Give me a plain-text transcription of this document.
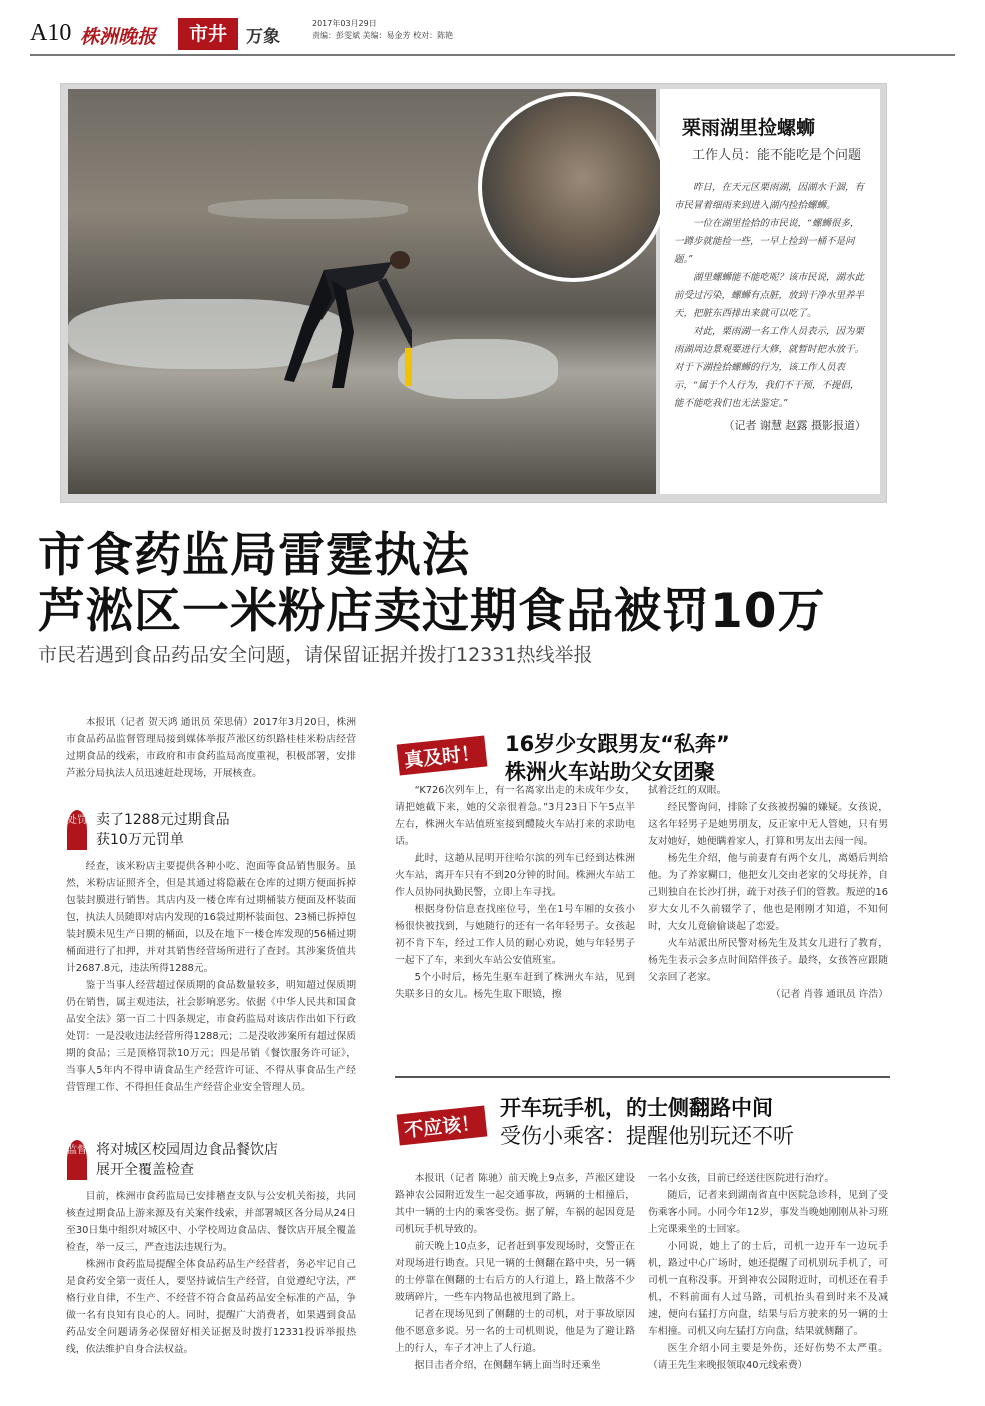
A10 株洲晚报	市井	万象
2017年03月29日
责编：彭雯斌 美编：易金芳 校对：陈艳
栗雨湖里捡螺蛳
工作人员：能不能吃是个问题

昨日，在天元区栗雨湖，因湖水干涸，有市民冒着细雨来到进入湖内捡拾螺蛳。

一位在湖里捡拾的市民说，“螺蛳很多，一蹲步就能捡一些，一早上捡到一桶不是问题。”

湖里螺蛳能不能吃呢？该市民说，湖水此前受过污染，螺蛳有点脏，放到干净水里养半天，把脏东西排出来就可以吃了。

对此，栗雨湖一名工作人员表示，因为栗雨湖周边景观要进行大修，就暂时把水放干。对于下湖捡拾螺蛳的行为，该工作人员表示，“属于个人行为，我们不干预，不提倡，能不能吃我们也无法鉴定。”

（记者 谢慧 赵露 摄影报道）
市食药监局雷霆执法
芦淞区一米粉店卖过期食品被罚10万
市民若遇到食品药品安全问题，请保留证据并拨打12331热线举报

本报讯（记者 贺天鸿 通讯员 荣思倩）2017年3月20日，株洲市食品药品监督管理局接到媒体举报芦淞区纺织路桂桂米粉店经营过期食品的线索，市政府和市食药监局高度重视，积极部署，安排芦淞分局执法人员迅速赶赴现场，开展核查。

处罚 卖了1288元过期食品
获10万元罚单

经查，该米粉店主要提供各种小吃、泡面等食品销售服务。虽然，米粉店证照齐全，但是其通过将隐蔽在仓库的过期方便面拆掉包装封膜进行销售。其店内及一楼仓库有过期桶装方便面及杯装面包，执法人员随即对店内发现的16袋过期杯装面包、23桶已拆掉包装封膜未见生产日期的桶面，以及在地下一楼仓库发现的56桶过期桶面进行了扣押，并对其销售经营场所进行了查封。其涉案货值共计2687.8元，违法所得1288元。

鉴于当事人经营超过保质期的食品数量较多，明知超过保质期仍在销售，属主观违法，社会影响恶劣。依据《中华人民共和国食品安全法》第一百二十四条规定，市食药监局对该店作出如下行政处罚：一是没收违法经营所得1288元；二是没收涉案所有超过保质期的食品；三是顶格罚款10万元；四是吊销《餐饮服务许可证》，当事人5年内不得申请食品生产经营许可证、不得从事食品生产经营管理工作、不得担任食品生产经营企业安全管理人员。

监督 将对城区校园周边食品餐饮店
展开全覆盖检查

目前，株洲市食药监局已安排稽查支队与公安机关衔接，共同核查过期食品上游来源及有关案件线索，并部署城区各分局从24日至30日集中组织对城区中、小学校周边食品店、餐饮店开展全覆盖检查，举一反三，严查违法违规行为。

株洲市食药监局提醒全体食品药品生产经营者，务必牢记自己是食药安全第一责任人，要坚持诚信生产经营，自觉遵纪守法，严格行业自律，不生产、不经营不符合食品药品安全标准的产品，争做一名有良知有良心的人。同时，提醒广大消费者，如果遇到食品药品安全问题请务必保留好相关证据及时拨打12331投诉举报热线，依法维护自身合法权益。

真及时！ 16岁少女跟男友“私奔”
株洲火车站助父女团聚

“K726次列车上，有一名离家出走的未成年少女，请把她截下来，她的父亲很着急。”3月23日下午5点半左右，株洲火车站值班室接到醴陵火车站打来的求助电话。

此时，这趟从昆明开往哈尔滨的列车已经到达株洲火车站，离开车只有不到20分钟的时间。株洲火车站工作人员协同执勤民警，立即上车寻找。

根据身份信息查找座位号，坐在1号车厢的女孩小杨很快被找到，与她随行的还有一名年轻男子。女孩起初不肯下车，经过工作人员的耐心劝说，她与年轻男子一起下了车，来到火车站公安值班室。

5个小时后，杨先生驱车赶到了株洲火车站，见到失联多日的女儿。杨先生取下眼镜，擦

拭着泛红的双眼。

经民警询问，排除了女孩被拐骗的嫌疑。女孩说，这名年轻男子是她男朋友，反正家中无人管她，只有男友对她好，她便瞒着家人，打算和男友出去闯一闯。

杨先生介绍，他与前妻育有两个女儿，离婚后判给他。为了养家糊口，他把女儿交由老家的父母抚养，自己则独自在长沙打拼，疏于对孩子们的管教。叛逆的16岁大女儿不久前辍学了，他也是刚刚才知道，不知何时，大女儿竟偷偷谈起了恋爱。

火车站派出所民警对杨先生及其女儿进行了教育，杨先生表示会多点时间陪伴孩子。最终，女孩答应跟随父亲回了老家。

（记者 肖蓉 通讯员 许浩）

不应该！
开车玩手机，的士侧翻路中间
受伤小乘客：提醒他别玩还不听

本报讯（记者 陈驰）前天晚上9点多，芦淞区建设路神农公园附近发生一起交通事故，两辆的士相撞后，其中一辆的士内的乘客受伤。据了解，车祸的起因竟是司机玩手机导致的。

前天晚上10点多，记者赶到事发现场时，交警正在对现场进行勘查。只见一辆的士侧翻在路中央，另一辆的士停靠在侧翻的士右后方的人行道上，路上散落不少玻璃碎片，一些车内物品也被甩到了路上。

记者在现场见到了侧翻的士的司机，对于事故原因他不愿意多说。另一名的士司机则说，他是为了避让路上的行人，车子才冲上了人行道。

据目击者介绍，在侧翻车辆上面当时还乘坐

一名小女孩，目前已经送往医院进行治疗。

随后，记者来到湖南省直中医院急诊科，见到了受伤乘客小同。小同今年12岁，事发当晚她刚刚从补习班上完课乘坐的士回家。

小同说，她上了的士后，司机一边开车一边玩手机，路过中心广场时，她还提醒了司机别玩手机了，可司机一直称没事。开到神农公园附近时，司机还在看手机，不料前面有人过马路，司机抬头看到时来不及减速，便向右猛打方向盘，结果与后方驶来的另一辆的士车相撞。司机又向左猛打方向盘，结果就侧翻了。

医生介绍小同主要是外伤，还好伤势不太严重。（请王先生来晚报领取40元线索费）
